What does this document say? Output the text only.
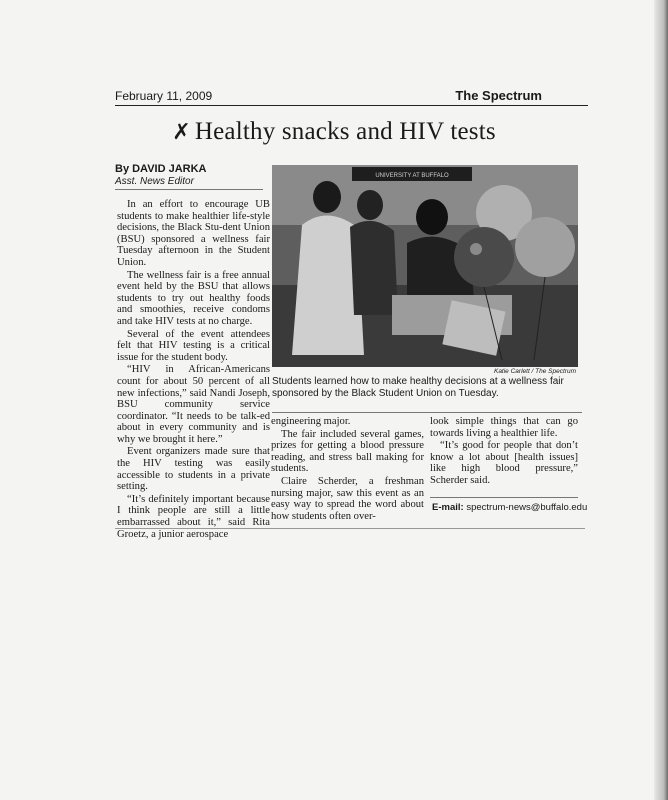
February 11, 2009	The Spectrum
✗ Healthy snacks and HIV tests
By DAVID JARKA
Asst. News Editor

In an effort to encourage UB students to make healthier life-style decisions, the Black Stu-dent Union (BSU) sponsored a wellness fair Tuesday afternoon in the Student Union.

The wellness fair is a free annual event held by the BSU that allows students to try out healthy foods and smoothies, receive condoms and take HIV tests at no charge.

Several of the event attendees felt that HIV testing is a critical issue for the student body.

“HIV in African-Americans count for about 50 percent of all new infections,” said Nandi Joseph, BSU community service coordinator. “It needs to be talk-ed about in every community and is why we brought it here.”

Event organizers made sure that the HIV testing was easily accessible to students in a private setting.

“It’s definitely important because I think people are still a little embarrassed about it,” said Rita Groetz, a junior aerospace

UNIVERSITY AT BUFFALO
Katie Carlett / The Spectrum
Students learned how to make healthy decisions at a wellness fair sponsored by the Black Student Union on Tuesday.

engineering major.

The fair included several games, prizes for getting a blood pressure reading, and stress ball making for students.

Claire Scherder, a freshman nursing major, saw this event as an easy way to spread the word about how students often over-

look simple things that can go towards living a healthier life.

“It’s good for people that don’t know a lot about [health issues] like high blood pressure,” Scherder said.

E-mail: spectrum-news@buffalo.edu
